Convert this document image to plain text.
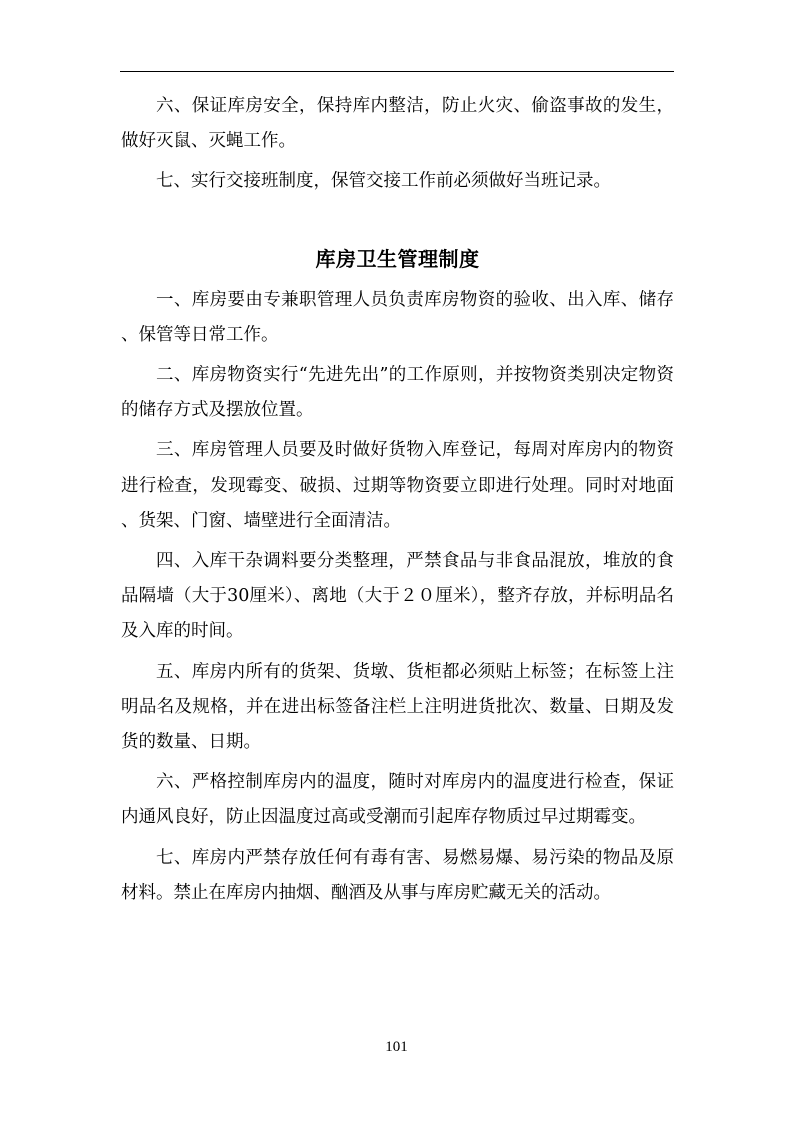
六、保证库房安全，保持库内整洁，防止火灾、偷盗事故的发生，做好灭鼠、灭蝇工作。

七、实行交接班制度，保管交接工作前必须做好当班记录。

库房卫生管理制度

一、库房要由专兼职管理人员负责库房物资的验收、出入库、储存、保管等日常工作。

二、库房物资实行“先进先出”的工作原则，并按物资类别决定物资的储存方式及摆放位置。

三、库房管理人员要及时做好货物入库登记，每周对库房内的物资进行检查，发现霉变、破损、过期等物资要立即进行处理。同时对地面、货架、门窗、墙壁进行全面清洁。

四、入库干杂调料要分类整理，严禁食品与非食品混放，堆放的食品隔墙（大于30厘米）、离地（大于２０厘米），整齐存放，并标明品名及入库的时间。

五、库房内所有的货架、货墩、货柜都必须贴上标签；在标签上注明品名及规格，并在进出标签备注栏上注明进货批次、数量、日期及发货的数量、日期。

六、严格控制库房内的温度，随时对库房内的温度进行检查，保证内通风良好，防止因温度过高或受潮而引起库存物质过早过期霉变。

七、库房内严禁存放任何有毒有害、易燃易爆、易污染的物品及原材料。禁止在库房内抽烟、酗酒及从事与库房贮藏无关的活动。

101
